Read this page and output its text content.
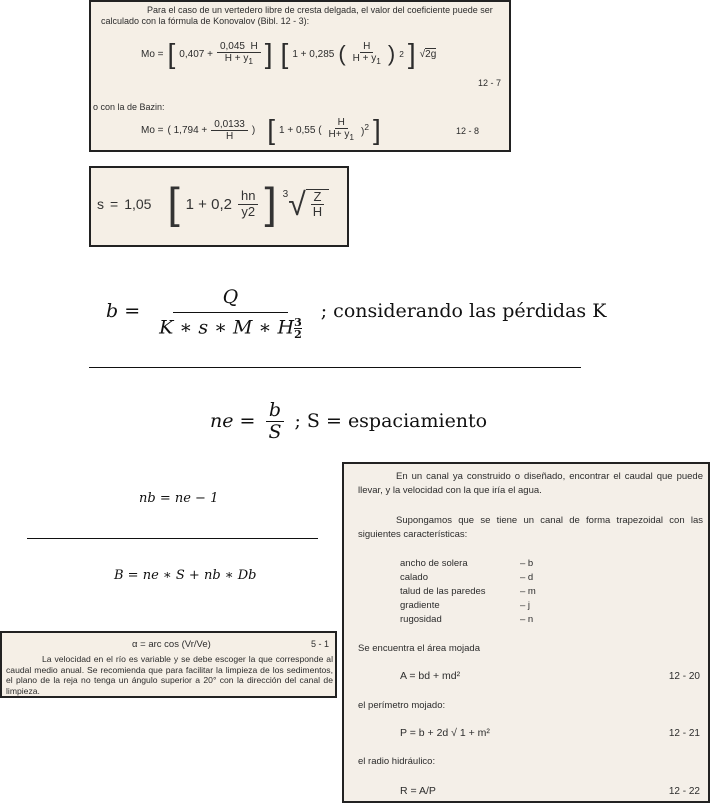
Para el caso de un vertedero libre de cresta delgada, el valor del coeficiente puede ser calculado con la fórmula de Konovalov (Bibl. 12 - 3):
Mo = [ $0,407 + \frac{0,045 H}{H + y_1}$ ] [ 1 + 0,285 ( $\frac{H}{H + y_1}$ ) 2 ] √2g
12 - 7
o con la de Bazin:
Mo = ( $1,794 + \frac{0,0133}{H}$ ) [ 1 + 0,55 ( $\frac{H}{H+ y_1} )^2$ ]	12 - 8
s = 1,05 [ $1 + 0,2 \frac{hn}{y2}$ ] $^3$ √ $\frac{Z}{H}$
$b = \frac{Q}{K ∗ s ∗ M ∗ H \frac{3}{2}}$ ; considerando las pérdidas K
ne = $\frac{b}{S}$ ; S = espaciamiento
nb = ne − 1
B = ne ∗ S + nb ∗ Db
α = arc cos (Vr/Ve)	5 - 1
La velocidad en el río es variable y se debe escoger la que corresponde al caudal medio anual. Se recomienda que para facilitar la limpieza de los sedimentos, el plano de la reja no tenga un ángulo superior a 20° con la dirección del canal de limpieza.
En un canal ya construido o diseñado, encontrar el caudal que puede llevar, y la velocidad con la que iría el agua.
Supongamos que se tiene un canal de forma trapezoidal con las siguientes características:
ancho de solera	– b
calado	– d
talud de las paredes	– m
gradiente	– j
rugosidad	– n
Se encuentra el área mojada
A = bd + md²	12 - 20
el perímetro mojado:
P = b + 2d √ 1 + m²	12 - 21
el radio hidráulico:
R = A/P	12 - 22
